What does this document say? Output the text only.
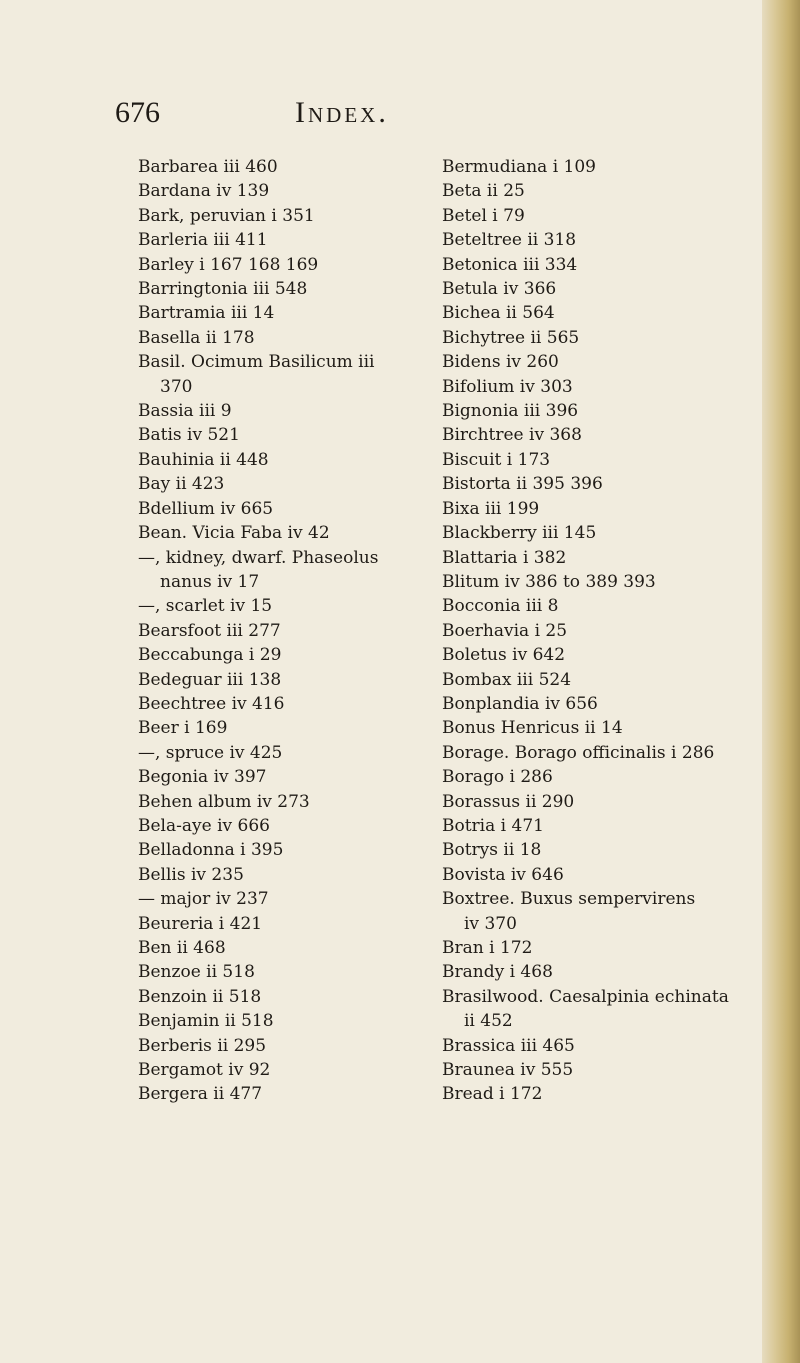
676	Index.
Barbarea iii 460
Bardana iv 139
Bark, peruvian i 351
Barleria iii 411
Barley i 167 168 169
Barringtonia iii 548
Bartramia iii 14
Basella ii 178
Basil. Ocimum Basilicum iii
370
Bassia iii 9
Batis iv 521
Bauhinia ii 448
Bay ii 423
Bdellium iv 665
Bean. Vicia Faba iv 42
—, kidney, dwarf. Phaseolus
nanus iv 17
—, scarlet iv 15
Bearsfoot iii 277
Beccabunga i 29
Bedeguar iii 138
Beechtree iv 416
Beer i 169
—, spruce iv 425
Begonia iv 397
Behen album iv 273
Bela-aye iv 666
Belladonna i 395
Bellis iv 235
— major iv 237
Beureria i 421
Ben ii 468
Benzoe ii 518
Benzoin ii 518
Benjamin ii 518
Berberis ii 295
Bergamot iv 92
Bergera ii 477
Bermudiana i 109
Beta ii 25
Betel i 79
Beteltree ii 318
Betonica iii 334
Betula iv 366
Bichea ii 564
Bichytree ii 565
Bidens iv 260
Bifolium iv 303
Bignonia iii 396
Birchtree iv 368
Biscuit i 173
Bistorta ii 395 396
Bixa iii 199
Blackberry iii 145
Blattaria i 382
Blitum iv 386 to 389 393
Bocconia iii 8
Boerhavia i 25
Boletus iv 642
Bombax iii 524
Bonplandia iv 656
Bonus Henricus ii 14
Borage. Borago officinalis i 286
Borago i 286
Borassus ii 290
Botria i 471
Botrys ii 18
Bovista iv 646
Boxtree. Buxus sempervirens
iv 370
Bran i 172
Brandy i 468
Brasilwood. Caesalpinia echinata
ii 452
Brassica iii 465
Braunea iv 555
Bread i 172
